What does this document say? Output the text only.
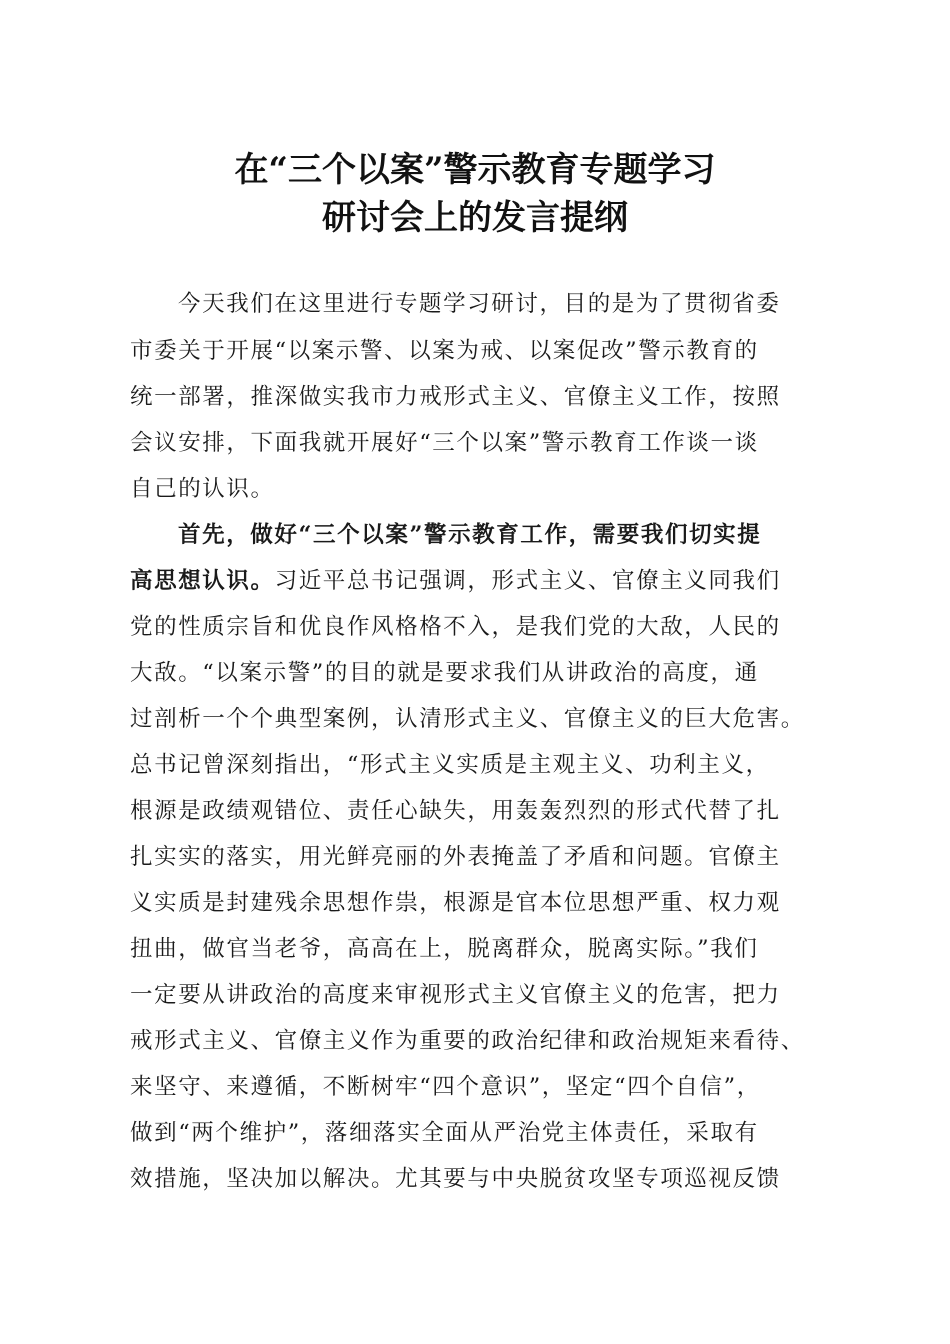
在“三个以案”警示教育专题学习
研讨会上的发言提纲

今天我们在这里进行专题学习研讨，目的是为了贯彻省委

市委关于开展“以案示警、以案为戒、以案促改”警示教育的

统一部署，推深做实我市力戒形式主义、官僚主义工作，按照

会议安排，下面我就开展好“三个以案”警示教育工作谈一谈

自己的认识。

首先，做好“三个以案”警示教育工作，需要我们切实提

高思想认识。习近平总书记强调，形式主义、官僚主义同我们

党的性质宗旨和优良作风格格不入，是我们党的大敌，人民的

大敌。“以案示警”的目的就是要求我们从讲政治的高度，通

过剖析一个个典型案例，认清形式主义、官僚主义的巨大危害。

总书记曾深刻指出，“形式主义实质是主观主义、功利主义，

根源是政绩观错位、责任心缺失，用轰轰烈烈的形式代替了扎

扎实实的落实，用光鲜亮丽的外表掩盖了矛盾和问题。官僚主

义实质是封建残余思想作祟，根源是官本位思想严重、权力观

扭曲，做官当老爷，高高在上，脱离群众，脱离实际。”我们

一定要从讲政治的高度来审视形式主义官僚主义的危害，把力

戒形式主义、官僚主义作为重要的政治纪律和政治规矩来看待、

来坚守、来遵循，不断树牢“四个意识”，坚定“四个自信”，

做到“两个维护”，落细落实全面从严治党主体责任，采取有

效措施，坚决加以解决。尤其要与中央脱贫攻坚专项巡视反馈
